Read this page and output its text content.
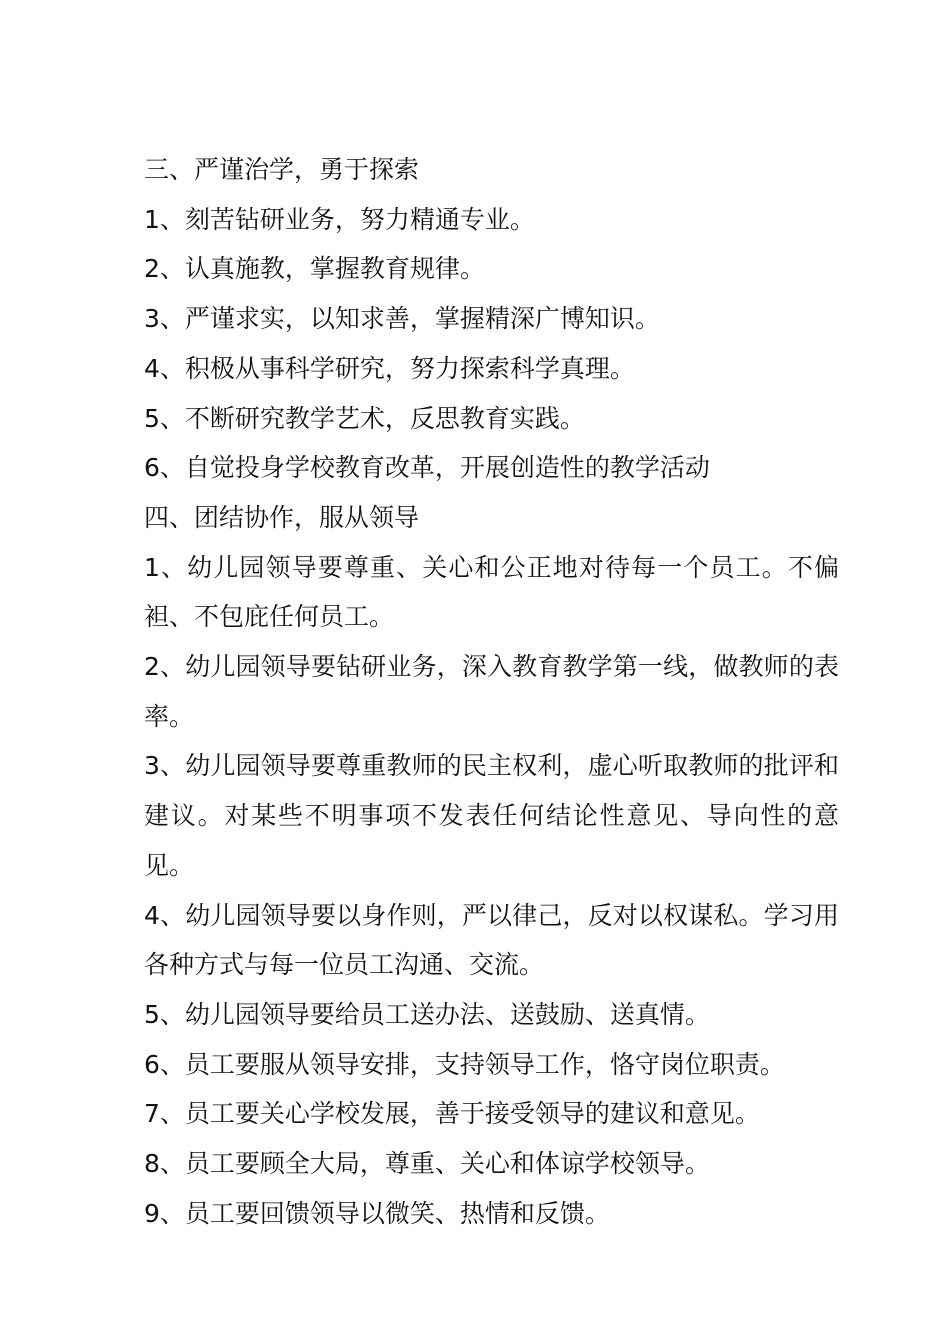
三、严谨治学，勇于探索

1、刻苦钻研业务，努力精通专业。

2、认真施教，掌握教育规律。

3、严谨求实，以知求善，掌握精深广博知识。

4、积极从事科学研究，努力探索科学真理。

5、不断研究教学艺术，反思教育实践。

6、自觉投身学校教育改革，开展创造性的教学活动

四、团结协作，服从领导

1、幼儿园领导要尊重、关心和公正地对待每一个员工。不偏袒、不包庇任何员工。

2、幼儿园领导要钻研业务，深入教育教学第一线，做教师的表率。

3、幼儿园领导要尊重教师的民主权利，虚心听取教师的批评和建议。对某些不明事项不发表任何结论性意见、导向性的意见。

4、幼儿园领导要以身作则，严以律己，反对以权谋私。学习用各种方式与每一位员工沟通、交流。

5、幼儿园领导要给员工送办法、送鼓励、送真情。

6、员工要服从领导安排，支持领导工作，恪守岗位职责。

7、员工要关心学校发展，善于接受领导的建议和意见。

8、员工要顾全大局，尊重、关心和体谅学校领导。

9、员工要回馈领导以微笑、热情和反馈。
